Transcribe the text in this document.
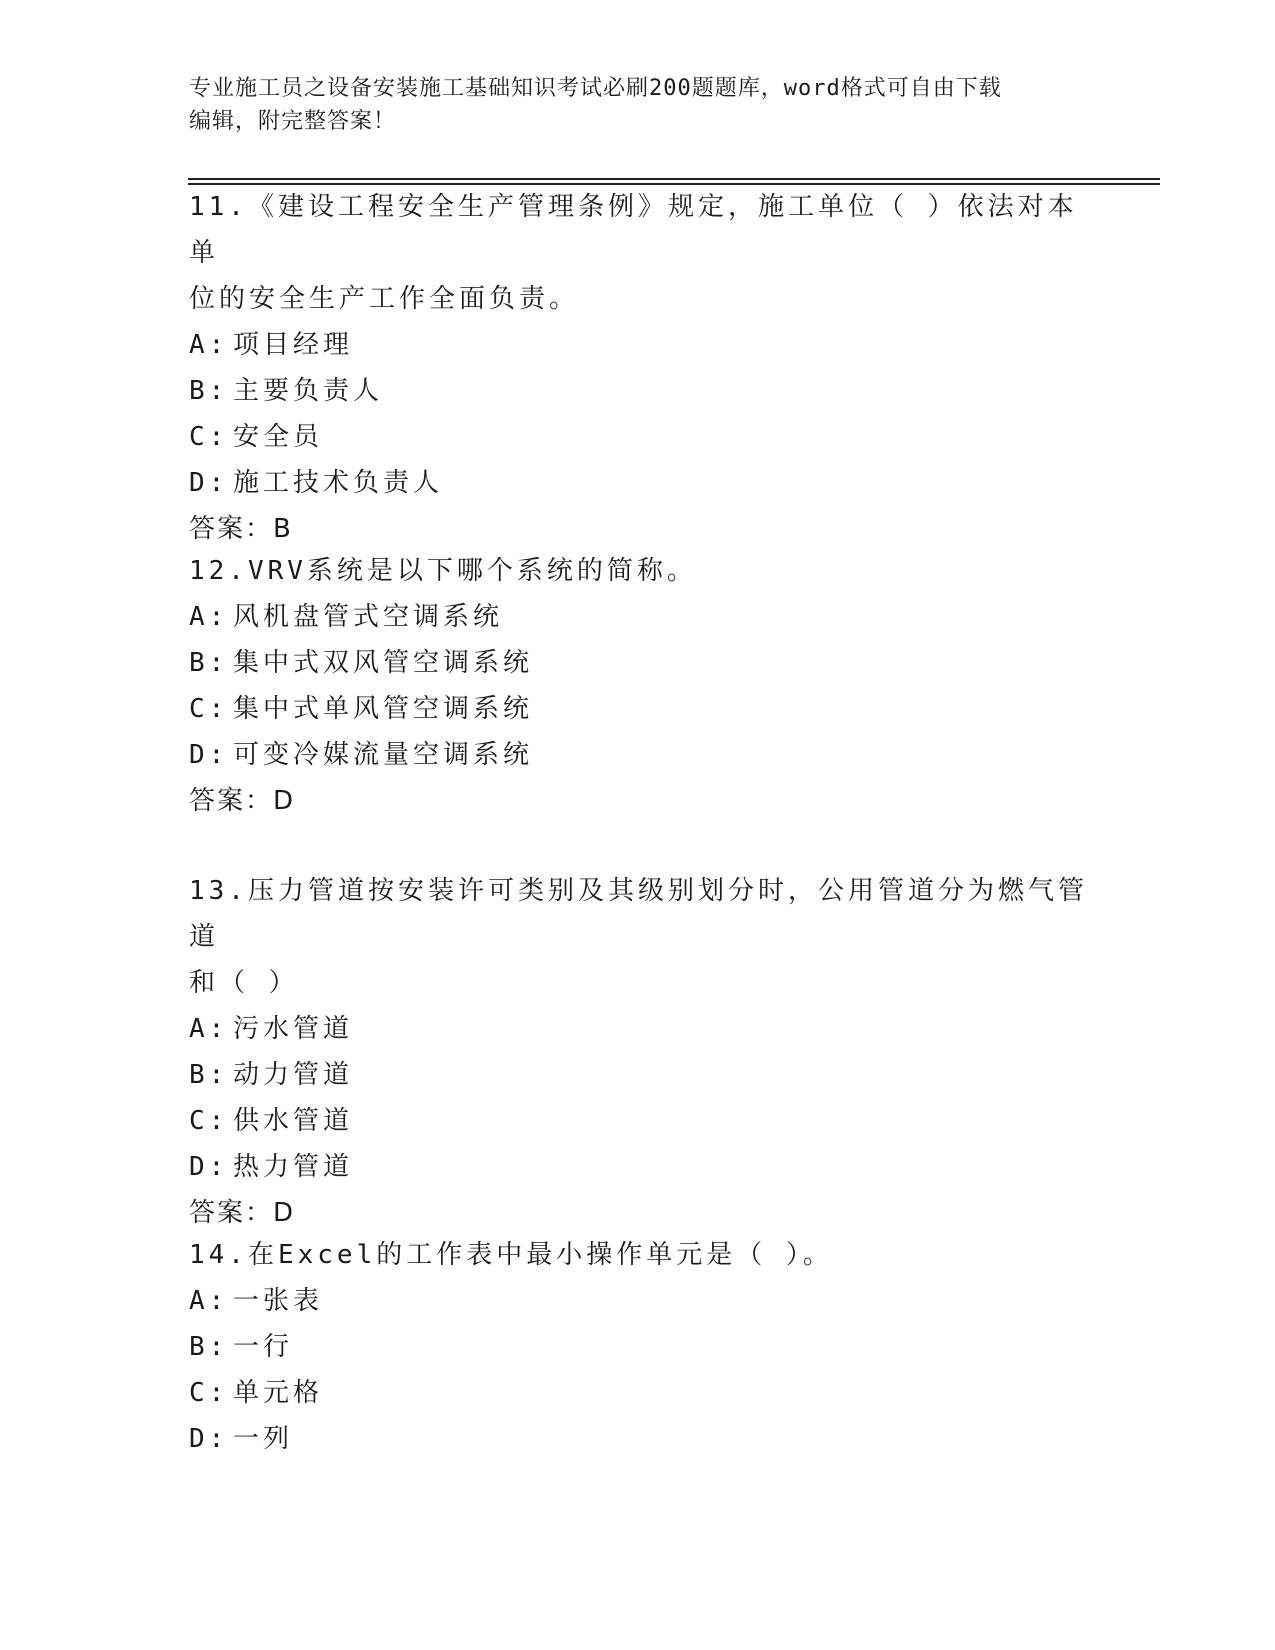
专业施工员之设备安装施工基础知识考试必刷200题题库，word格式可自由下载
编辑，附完整答案！

11.《建设工程安全生产管理条例》规定，施工单位（ ）依法对本单

位的安全生产工作全面负责。

A: 项目经理

B: 主要负责人

C: 安全员

D: 施工技术负责人

答案：B

12.VRV系统是以下哪个系统的简称。

A: 风机盘管式空调系统

B: 集中式双风管空调系统

C: 集中式单风管空调系统

D: 可变冷媒流量空调系统

答案：D

13.压力管道按安装许可类别及其级别划分时，公用管道分为燃气管道

和（ ）

A: 污水管道

B: 动力管道

C: 供水管道

D: 热力管道

答案：D

14.在Excel的工作表中最小操作单元是（ ）。

A: 一张表

B: 一行

C: 单元格

D: 一列
